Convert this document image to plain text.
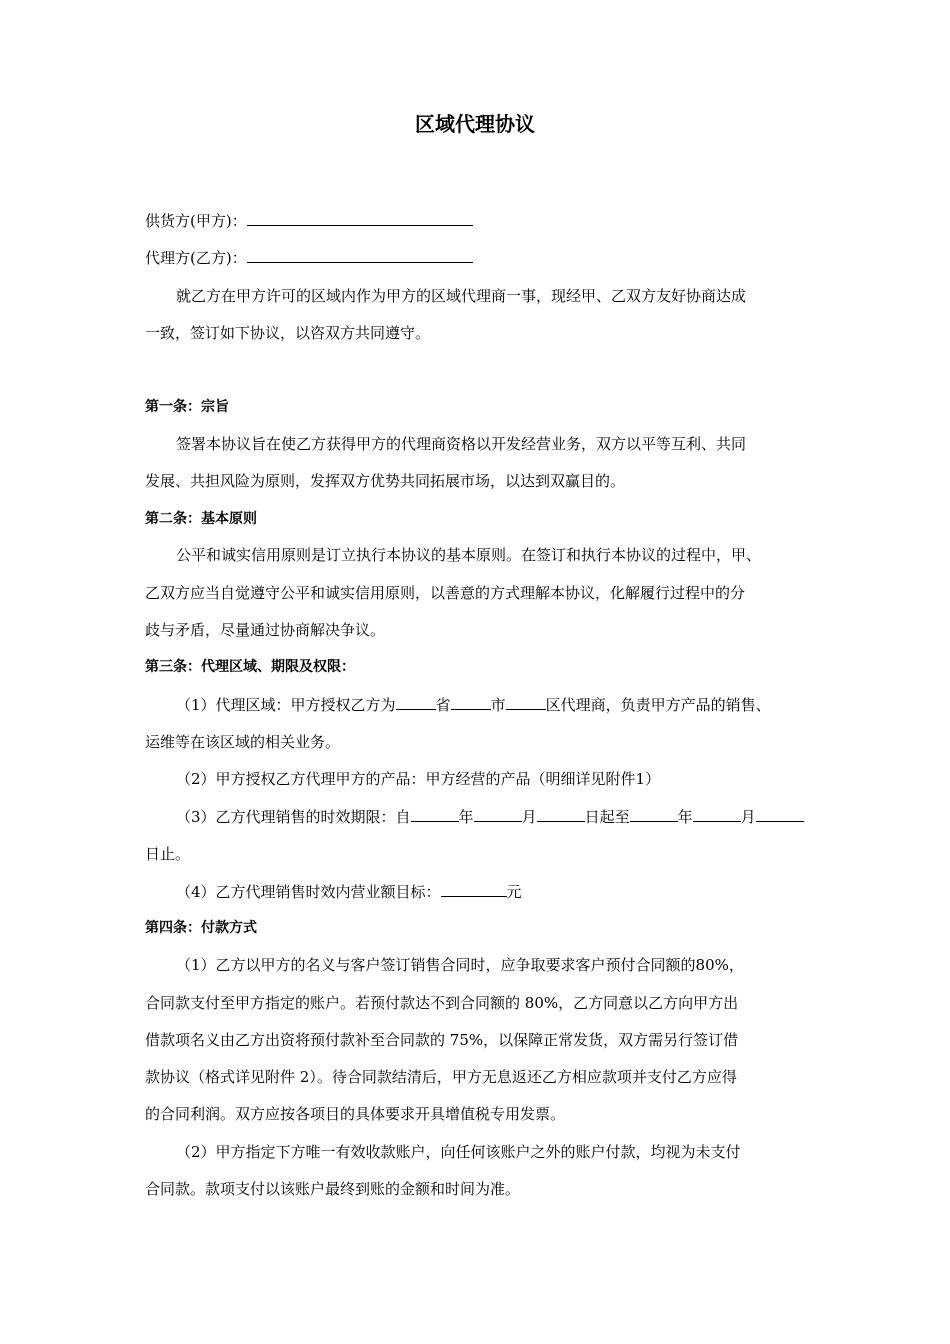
区域代理协议
供货方(甲方)：
代理方(乙方)：
就乙方在甲方许可的区域内作为甲方的区域代理商一事，现经甲、乙双方友好协商达成
一致，签订如下协议，以咨双方共同遵守。
第一条：宗旨
签署本协议旨在使乙方获得甲方的代理商资格以开发经营业务，双方以平等互利、共同
发展、共担风险为原则，发挥双方优势共同拓展市场，以达到双赢目的。
第二条：基本原则
公平和诚实信用原则是订立执行本协议的基本原则。在签订和执行本协议的过程中，甲、
乙双方应当自觉遵守公平和诚实信用原则，以善意的方式理解本协议，化解履行过程中的分
歧与矛盾，尽量通过协商解决争议。
第三条：代理区域、期限及权限：
（1）代理区域：甲方授权乙方为	省	市	区代理商，负责甲方产品的销售、
运维等在该区域的相关业务。
（2）甲方授权乙方代理甲方的产品：甲方经营的产品（明细详见附件1）
（3）乙方代理销售的时效期限：自	年	月	日起至	年	月
日止。
（4）乙方代理销售时效内营业额目标：	元
第四条：付款方式
（1）乙方以甲方的名义与客户签订销售合同时，应争取要求客户预付合同额的80%，
合同款支付至甲方指定的账户。若预付款达不到合同额的 80%，乙方同意以乙方向甲方出
借款项名义由乙方出资将预付款补至合同款的 75%，以保障正常发货，双方需另行签订借
款协议（格式详见附件 2）。待合同款结清后，甲方无息返还乙方相应款项并支付乙方应得
的合同利润。双方应按各项目的具体要求开具增值税专用发票。
（2）甲方指定下方唯一有效收款账户，向任何该账户之外的账户付款，均视为未支付
合同款。款项支付以该账户最终到账的金额和时间为准。
